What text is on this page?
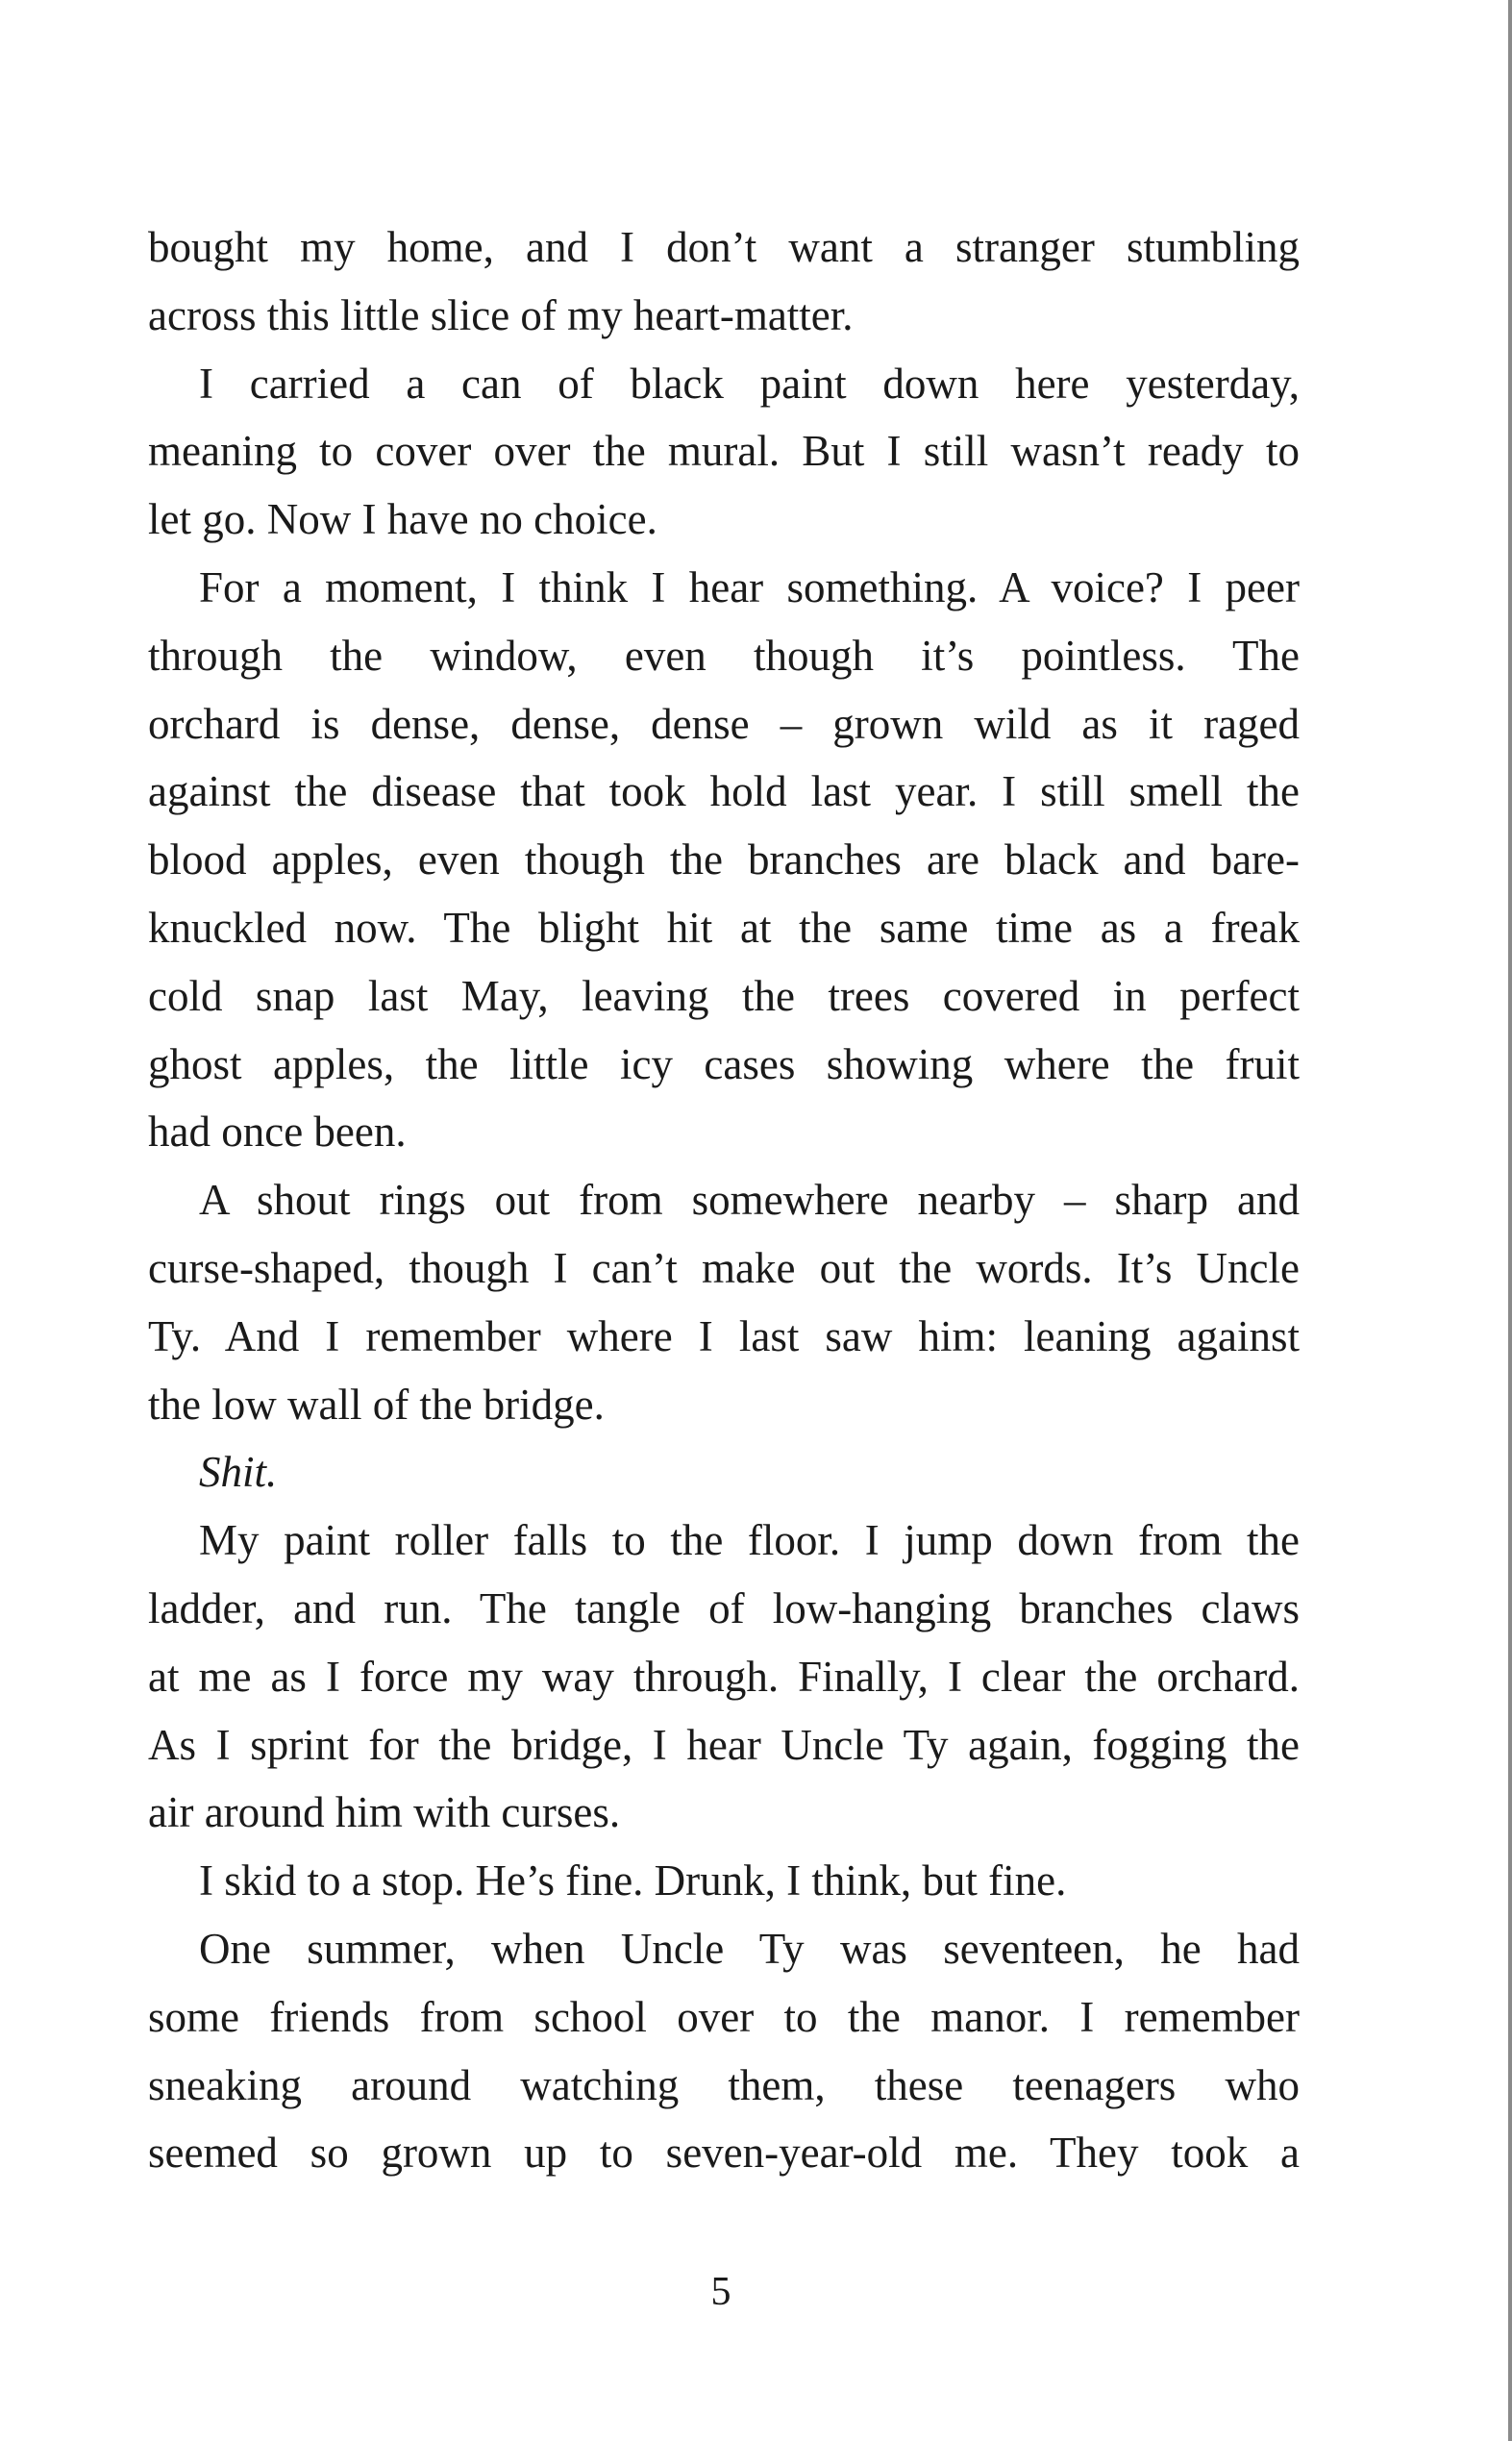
bought my home, and I don’t want a stranger stumbling
across this little slice of my heart-matter.
I carried a can of black paint down here yesterday,
meaning to cover over the mural. But I still wasn’t ready to
let go. Now I have no choice.
For a moment, I think I hear something. A voice? I peer
through the window, even though it’s pointless. The
orchard is dense, dense, dense – grown wild as it raged
against the disease that took hold last year. I still smell the
blood apples, even though the branches are black and bare-
knuckled now. The blight hit at the same time as a freak
cold snap last May, leaving the trees covered in perfect
ghost apples, the little icy cases showing where the fruit
had once been.
A shout rings out from somewhere nearby – sharp and
curse-shaped, though I can’t make out the words. It’s Uncle
Ty. And I remember where I last saw him: leaning against
the low wall of the bridge.
Shit.
My paint roller falls to the floor. I jump down from the
ladder, and run. The tangle of low-hanging branches claws
at me as I force my way through. Finally, I clear the orchard.
As I sprint for the bridge, I hear Uncle Ty again, fogging the
air around him with curses.
I skid to a stop. He’s fine. Drunk, I think, but fine.
One summer, when Uncle Ty was seventeen, he had
some friends from school over to the manor. I remember
sneaking around watching them, these teenagers who
seemed so grown up to seven-year-old me. They took a
5
